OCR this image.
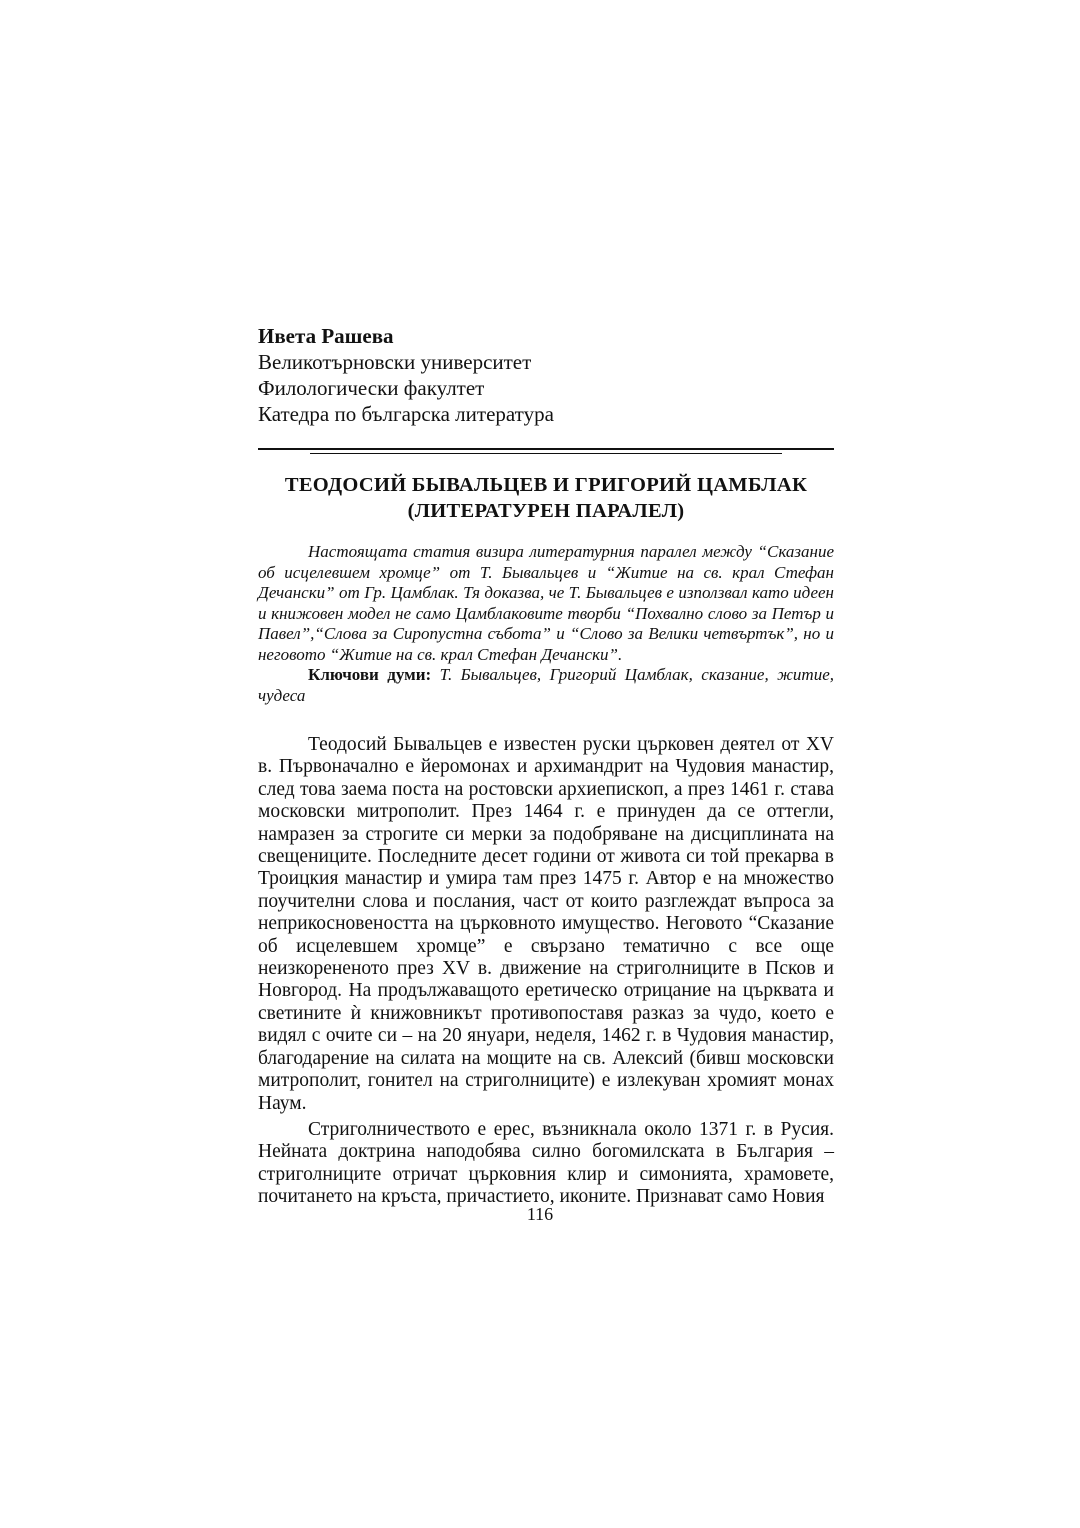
Ивета Рашева
Великотърновски университет
Филологически факултет
Катедра по българска литература
ТЕОДОСИЙ БЫВАЛЬЦЕВ И ГРИГОРИЙ ЦАМБЛАК
(ЛИТЕРАТУРЕН ПАРАЛЕЛ)

Настоящата статия визира литературния паралел между “Сказание об исцелевшем хромце” от Т. Бывальцев и “Житие на св. крал Стефан Дечански” от Гр. Цамблак. Тя доказва, че Т. Бывальцев е използвал като идеен и книжовен модел не само Цамблаковите творби “Похвално слово за Петър и Павел”,“Слова за Сиропустна събота” и “Слово за Велики четвъртък”, но и неговото “Житие на св. крал Стефан Дечански”.

Ключови думи: Т. Бывальцев, Григорий Цамблак, сказание, житие, чудеса

Теодосий Бывальцев е известен руски църковен деятел от XV в. Първоначално е йеромонах и архимандрит на Чудовия манастир, след това заема поста на ростовски архиепископ, а през 1461 г. става московски митрополит. През 1464 г. е принуден да се оттегли, намразен за строгите си мерки за подобряване на дисциплината на свещениците. Последните десет години от живота си той прекарва в Троицкия манастир и умира там през 1475 г. Автор е на множество поучителни слова и послания, част от които разглеждат въпроса за неприкосновеността на църковното имущество. Неговото “Сказание об исцелевшем хромце” е свързано тематично с все още неизкорененото през XV в. движение на стриголниците в Псков и Новгород. На продължаващото еретическо отрицание на църквата и светините ѝ книжовникът противопоставя разказ за чудо, което е видял с очите си – на 20 януари, неделя, 1462 г. в Чудовия манастир, благодарение на силата на мощите на св. Алексий (бивш московски митрополит, гонител на стриголниците) е излекуван хромият монах Наум.

Стриголничеството е ерес, възникнала около 1371 г. в Русия. Нейната доктрина наподобява силно богомилската в България – стриголниците отричат църковния клир и симонията, храмовете, почитането на кръста, причастието, иконите. Признават само Новия

116
